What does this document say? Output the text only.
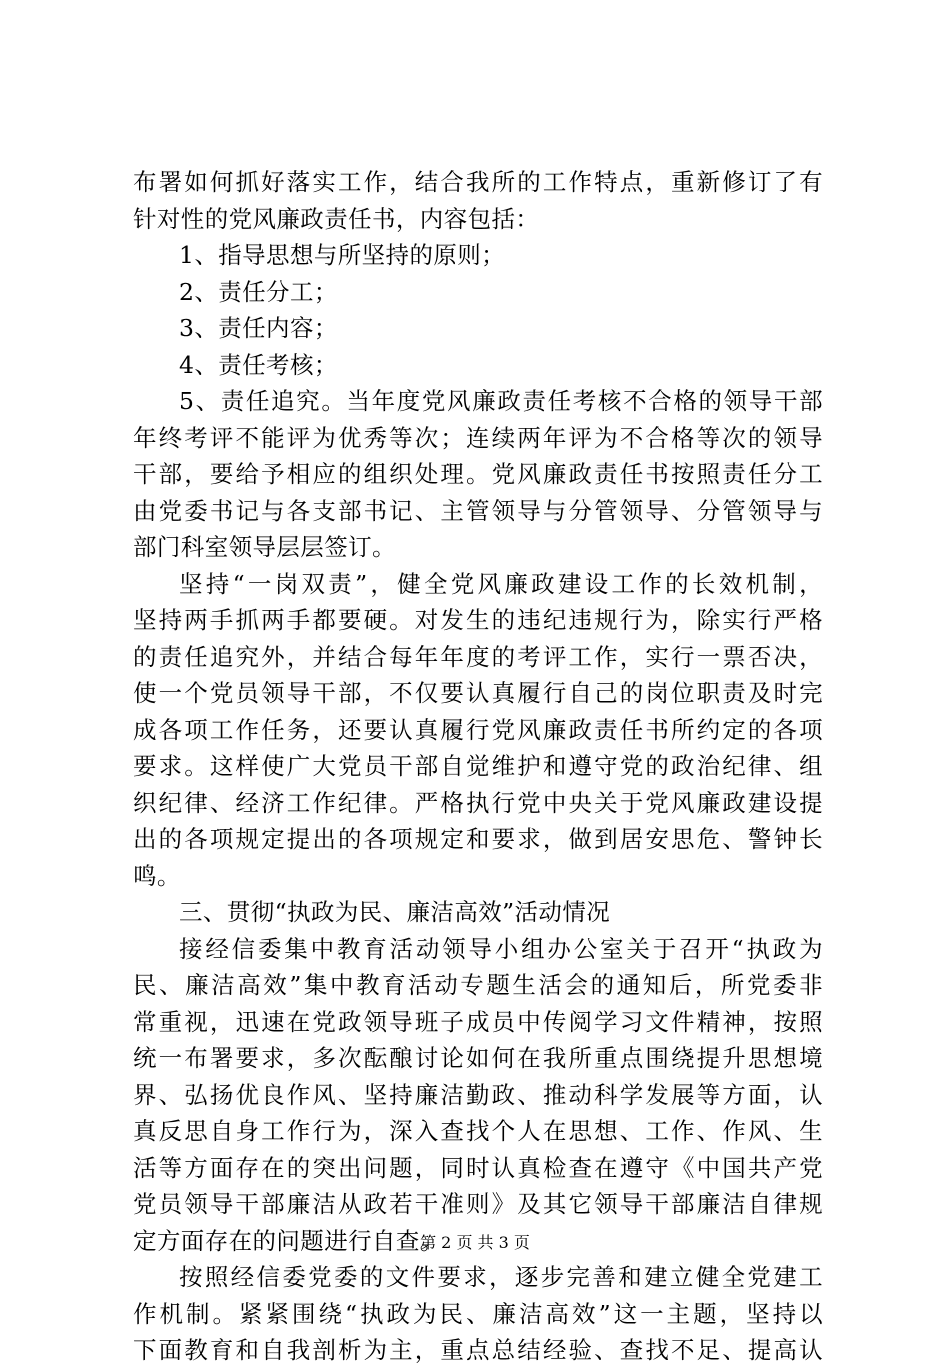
布署如何抓好落实工作，结合我所的工作特点，重新修订了有
针对性的党风廉政责任书，内容包括：
1、指导思想与所坚持的原则；
2、责任分工；
3、责任内容；
4、责任考核；
5、责任追究。当年度党风廉政责任考核不合格的领导干部
年终考评不能评为优秀等次；连续两年评为不合格等次的领导
干部，要给予相应的组织处理。党风廉政责任书按照责任分工
由党委书记与各支部书记、主管领导与分管领导、分管领导与
部门科室领导层层签订。
坚持“一岗双责”，健全党风廉政建设工作的长效机制，
坚持两手抓两手都要硬。对发生的违纪违规行为，除实行严格
的责任追究外，并结合每年年度的考评工作，实行一票否决，
使一个党员领导干部，不仅要认真履行自己的岗位职责及时完
成各项工作任务，还要认真履行党风廉政责任书所约定的各项
要求。这样使广大党员干部自觉维护和遵守党的政治纪律、组
织纪律、经济工作纪律。严格执行党中央关于党风廉政建设提
出的各项规定提出的各项规定和要求，做到居安思危、警钟长
鸣。
三、贯彻“执政为民、廉洁高效”活动情况
接经信委集中教育活动领导小组办公室关于召开“执政为
民、廉洁高效”集中教育活动专题生活会的通知后，所党委非
常重视，迅速在党政领导班子成员中传阅学习文件精神，按照
统一布署要求，多次酝酿讨论如何在我所重点围绕提升思想境
界、弘扬优良作风、坚持廉洁勤政、推动科学发展等方面，认
真反思自身工作行为，深入查找个人在思想、工作、作风、生
活等方面存在的突出问题，同时认真检查在遵守《中国共产党
党员领导干部廉洁从政若干准则》及其它领导干部廉洁自律规
定方面存在的问题进行自查。
按照经信委党委的文件要求，逐步完善和建立健全党建工
作机制。紧紧围绕“执政为民、廉洁高效”这一主题，坚持以
下面教育和自我剖析为主，重点总结经验、查找不足、提高认
第 2 页 共 3 页
